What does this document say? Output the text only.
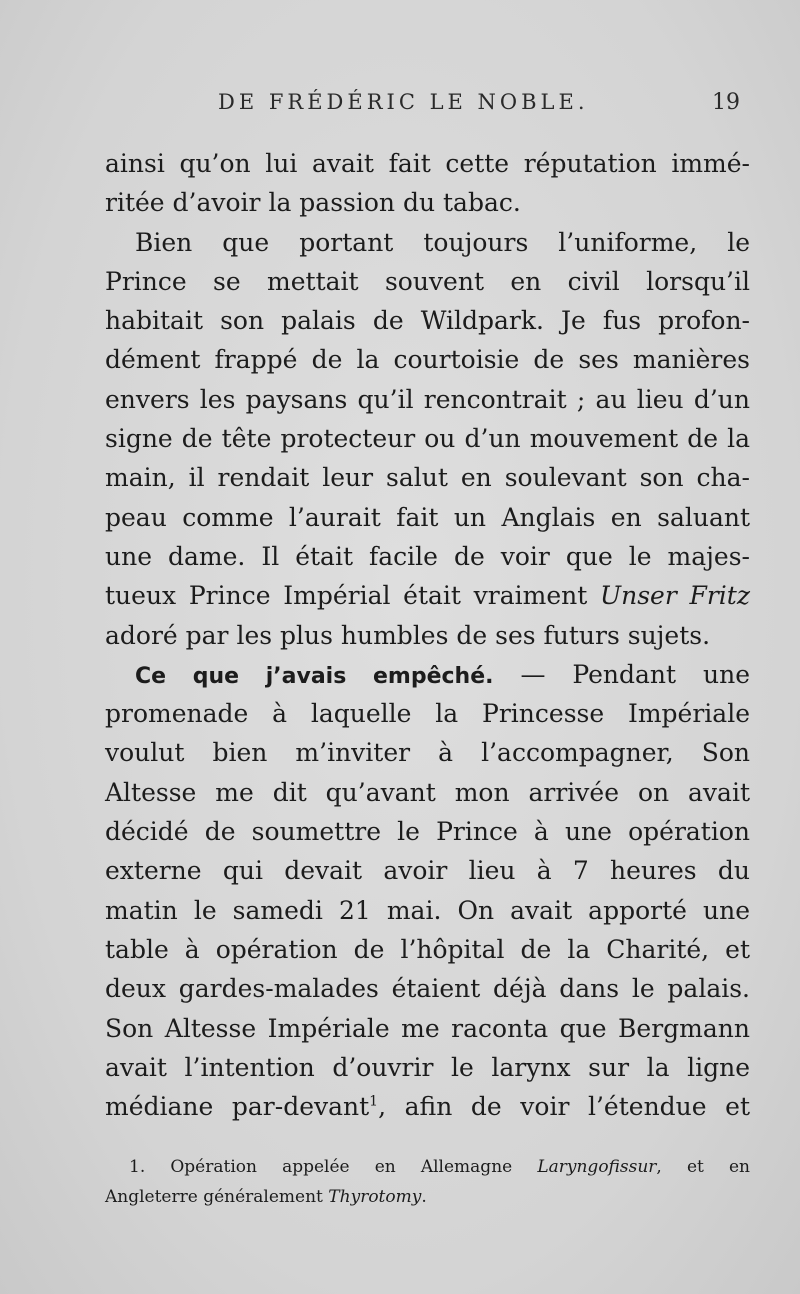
DE FRÉDÉRIC LE NOBLE.	19
ainsi qu’on lui avait fait cette réputation immé-
ritée d’avoir la passion du tabac.
Bien que portant toujours l’uniforme, le
Prince se mettait souvent en civil lorsqu’il
habitait son palais de Wildpark. Je fus profon-
dément frappé de la courtoisie de ses manières
envers les paysans qu’il rencontrait ; au lieu d’un
signe de tête protecteur ou d’un mouvement de la
main, il rendait leur salut en soulevant son cha-
peau comme l’aurait fait un Anglais en saluant
une dame. Il était facile de voir que le majes-
tueux Prince Impérial était vraiment Unser Fritz
adoré par les plus humbles de ses futurs sujets.
Ce que j’avais empêché. — Pendant une
promenade à laquelle la Princesse Impériale
voulut bien m’inviter à l’accompagner, Son
Altesse me dit qu’avant mon arrivée on avait
décidé de soumettre le Prince à une opération
externe qui devait avoir lieu à 7 heures du
matin le samedi 21 mai. On avait apporté une
table à opération de l’hôpital de la Charité, et
deux gardes-malades étaient déjà dans le palais.
Son Altesse Impériale me raconta que Bergmann
avait l’intention d’ouvrir le larynx sur la ligne
médiane par-devant$^1$, afin de voir l’étendue et
1. Opération appelée en Allemagne Laryngofissur, et en
Angleterre généralement Thyrotomy.
